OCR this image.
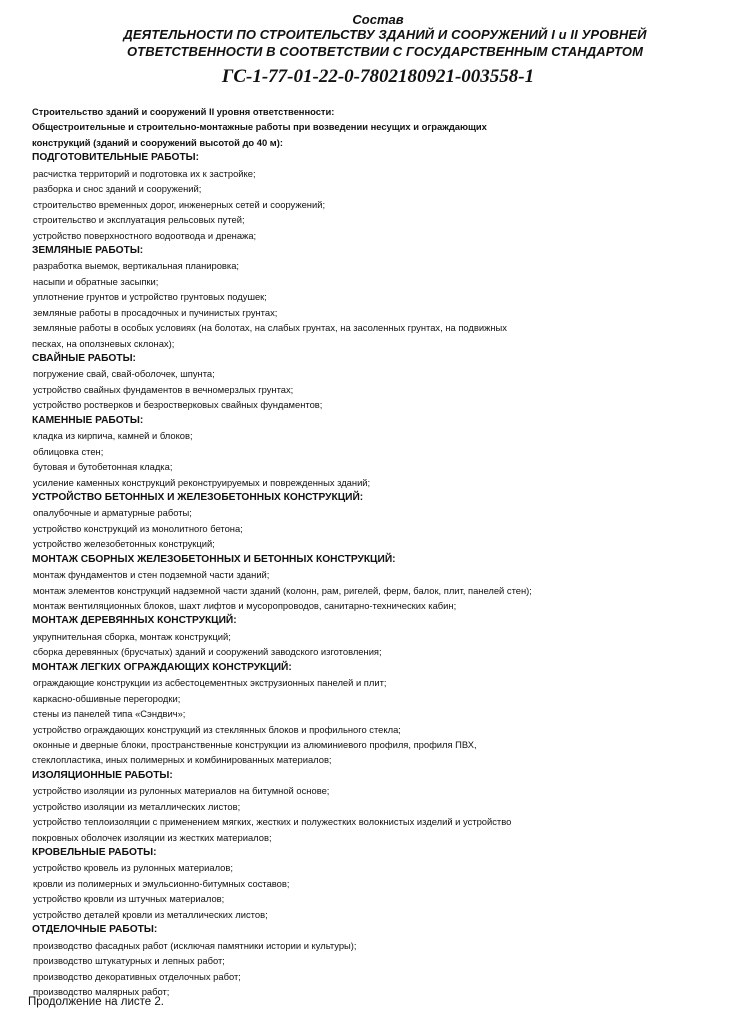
Состав
ДЕЯТЕЛЬНОСТИ ПО СТРОИТЕЛЬСТВУ ЗДАНИЙ И СООРУЖЕНИЙ I и II УРОВНЕЙ
ОТВЕТСТВЕННОСТИ В СООТВЕТСТВИИ С ГОСУДАРСТВЕННЫМ СТАНДАРТОМ
ГС-1-77-01-22-0-7802180921-003558-1
Строительство зданий и сооружений II уровня ответственности:
Общестроительные и строительно-монтажные работы при возведении несущих и ограждающих
конструкций (зданий и сооружений высотой до 40 м):
ПОДГОТОВИТЕЛЬНЫЕ РАБОТЫ:
расчистка территорий и подготовка их к застройке;
разборка и снос зданий и сооружений;
строительство временных дорог, инженерных сетей и сооружений;
строительство и эксплуатация рельсовых путей;
устройство поверхностного водоотвода и дренажа;
ЗЕМЛЯНЫЕ РАБОТЫ:
разработка выемок, вертикальная планировка;
насыпи и обратные засыпки;
уплотнение грунтов и устройство грунтовых подушек;
земляные работы в просадочных и пучинистых грунтах;
земляные работы в особых условиях (на болотах, на слабых грунтах, на засоленных грунтах, на подвижных
песках, на оползневых склонах);
СВАЙНЫЕ РАБОТЫ:
погружение свай, свай-оболочек, шпунта;
устройство свайных фундаментов в вечномерзлых грунтах;
устройство ростверков и безростверковых свайных фундаментов;
КАМЕННЫЕ РАБОТЫ:
кладка из кирпича, камней и блоков;
облицовка стен;
бутовая и бутобетонная кладка;
усиление каменных конструкций реконструируемых и поврежденных зданий;
УСТРОЙСТВО БЕТОННЫХ И ЖЕЛЕЗОБЕТОННЫХ КОНСТРУКЦИЙ:
опалубочные и арматурные работы;
устройство конструкций из монолитного бетона;
устройство железобетонных конструкций;
МОНТАЖ СБОРНЫХ ЖЕЛЕЗОБЕТОННЫХ И БЕТОННЫХ КОНСТРУКЦИЙ:
монтаж фундаментов и стен подземной части зданий;
монтаж элементов конструкций надземной части зданий (колонн, рам, ригелей, ферм, балок, плит, панелей стен);
монтаж вентиляционных блоков, шахт лифтов и мусоропроводов, санитарно-технических кабин;
МОНТАЖ ДЕРЕВЯННЫХ КОНСТРУКЦИЙ:
укрупнительная сборка, монтаж конструкций;
сборка деревянных (брусчатых) зданий и сооружений заводского изготовления;
МОНТАЖ ЛЕГКИХ ОГРАЖДАЮЩИХ КОНСТРУКЦИЙ:
ограждающие конструкции из асбестоцементных экструзионных панелей и плит;
каркасно-обшивные перегородки;
стены из панелей типа «Сэндвич»;
устройство ограждающих конструкций из стеклянных блоков и профильного стекла;
оконные и дверные блоки, пространственные конструкции из алюминиевого профиля, профиля ПВХ,
стеклопластика, иных полимерных и комбинированных материалов;
ИЗОЛЯЦИОННЫЕ РАБОТЫ:
устройство изоляции из рулонных материалов на битумной основе;
устройство изоляции из металлических листов;
устройство теплоизоляции с применением мягких, жестких и полужестких волокнистых изделий и устройство
покровных оболочек изоляции из жестких материалов;
КРОВЕЛЬНЫЕ РАБОТЫ:
устройство кровель из рулонных материалов;
кровли из полимерных и эмульсионно-битумных составов;
устройство кровли из штучных материалов;
устройство деталей кровли из металлических листов;
ОТДЕЛОЧНЫЕ РАБОТЫ:
производство фасадных работ (исключая памятники истории и культуры);
производство штукатурных и лепных работ;
производство декоративных отделочных работ;
производство малярных работ;
Продолжение на листе 2.
